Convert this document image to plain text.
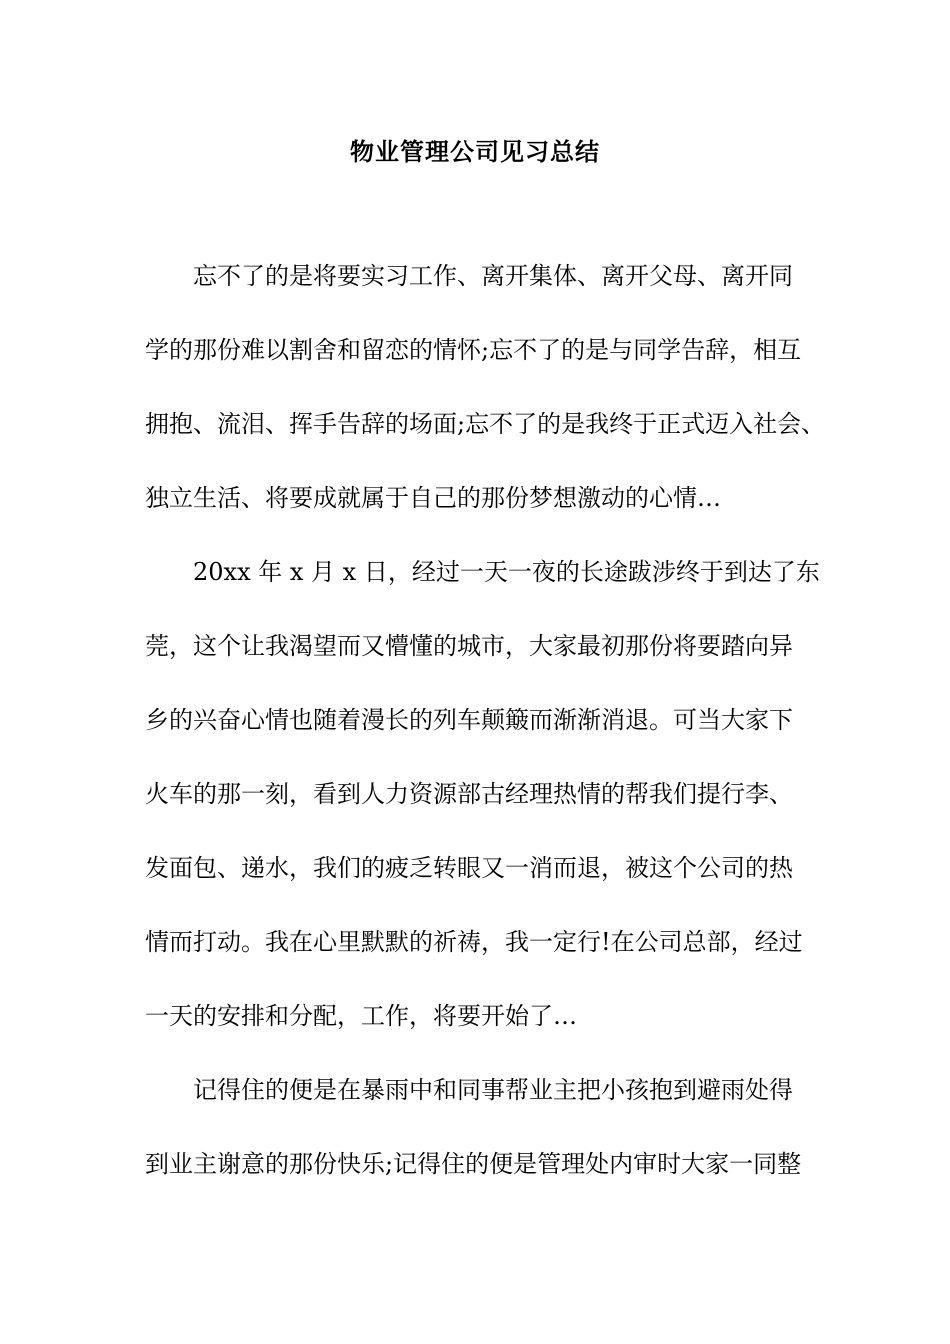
物业管理公司见习总结
忘不了的是将要实习工作、离开集体、离开父母、离开同
学的那份难以割舍和留恋的情怀;忘不了的是与同学告辞，相互
拥抱、流泪、挥手告辞的场面;忘不了的是我终于正式迈入社会、
独立生活、将要成就属于自己的那份梦想激动的心情…
20xx 年 x 月 x 日，经过一天一夜的长途跋涉终于到达了东
莞，这个让我渴望而又懵懂的城市，大家最初那份将要踏向异
乡的兴奋心情也随着漫长的列车颠簸而渐渐消退。可当大家下
火车的那一刻，看到人力资源部古经理热情的帮我们提行李、
发面包、递水，我们的疲乏转眼又一消而退，被这个公司的热
情而打动。我在心里默默的祈祷，我一定行!在公司总部，经过
一天的安排和分配，工作，将要开始了…
记得住的便是在暴雨中和同事帮业主把小孩抱到避雨处得
到业主谢意的那份快乐;记得住的便是管理处内审时大家一同整
